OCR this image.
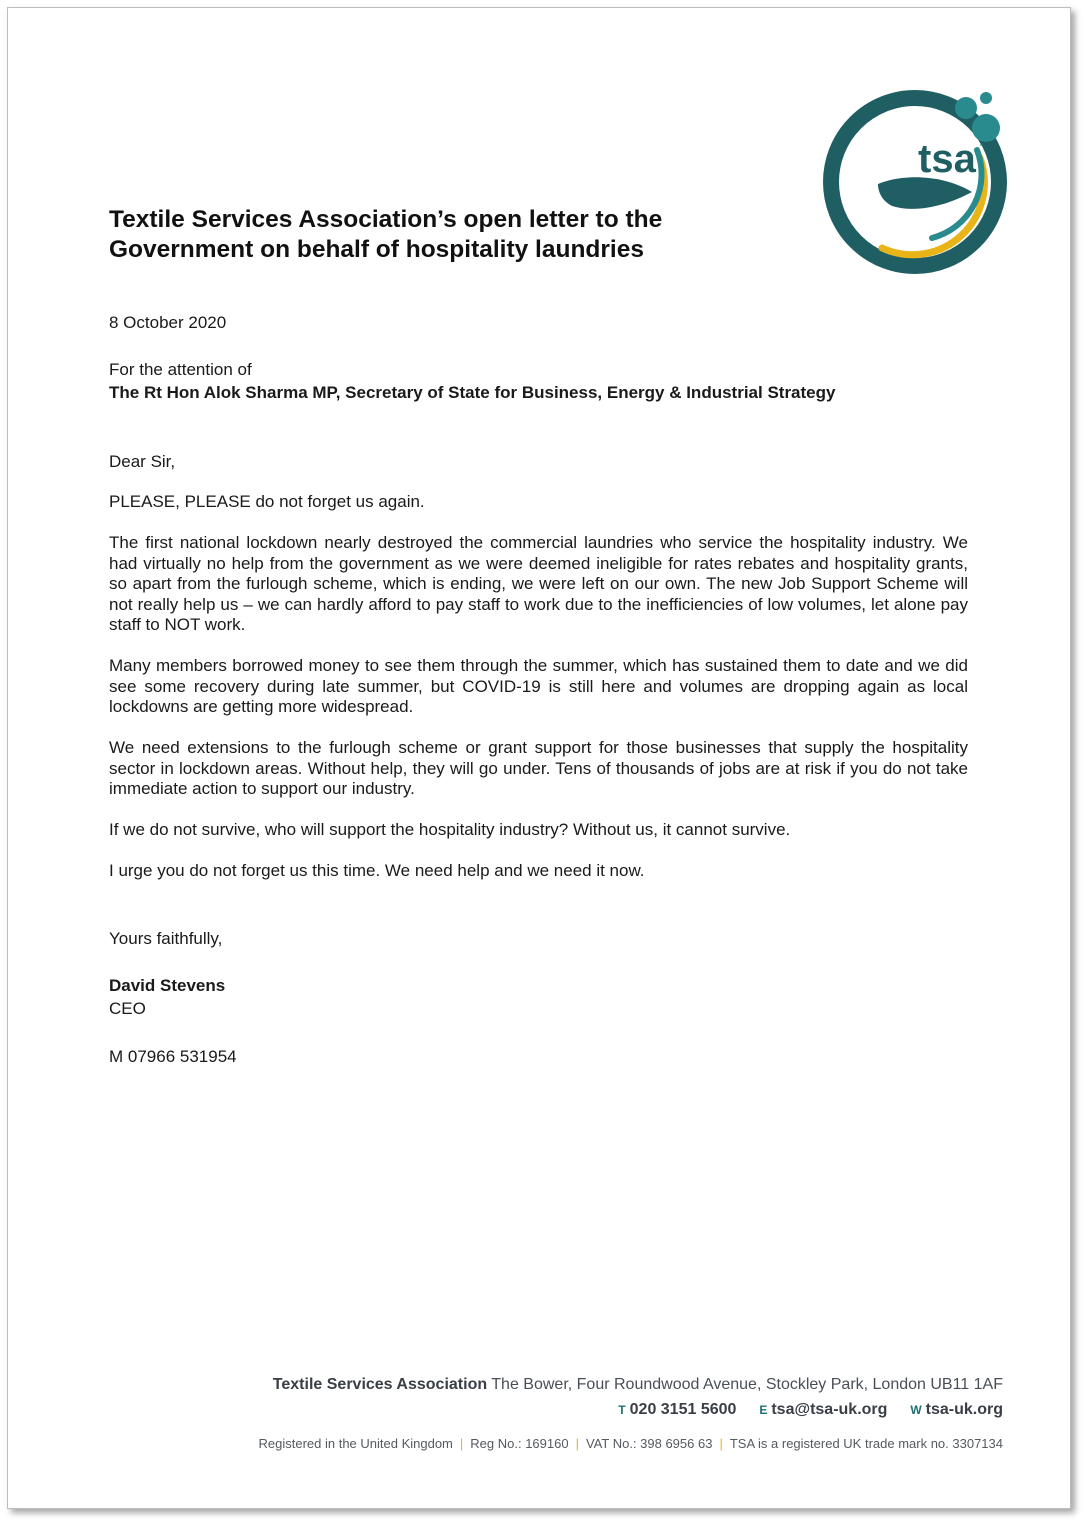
tsa TM
Textile Services Association’s open letter to the
Government on behalf of hospitality laundries

8 October 2020

For the attention of

The Rt Hon Alok Sharma MP, Secretary of State for Business, Energy & Industrial Strategy

Dear Sir,

PLEASE, PLEASE do not forget us again.

The first national lockdown nearly destroyed the commercial laundries who service the hospitality industry. We had virtually no help from the government as we were deemed ineligible for rates rebates and hospitality grants, so apart from the furlough scheme, which is ending, we were left on our own. The new Job Support Scheme will not really help us – we can hardly afford to pay staff to work due to the inefficiencies of low volumes, let alone pay staff to NOT work.

Many members borrowed money to see them through the summer, which has sustained them to date and we did see some recovery during late summer, but COVID-19 is still here and volumes are dropping again as local lockdowns are getting more widespread.

We need extensions to the furlough scheme or grant support for those businesses that supply the hospitality sector in lockdown areas. Without help, they will go under. Tens of thousands of jobs are at risk if you do not take immediate action to support our industry.

If we do not survive, who will support the hospitality industry? Without us, it cannot survive.

I urge you do not forget us this time. We need help and we need it now.

Yours faithfully,

David Stevens

CEO

M 07966 531954

Textile Services Association The Bower, Four Roundwood Avenue, Stockley Park, London UB11 1AF
T 020 3151 5600 E tsa@tsa-uk.org W tsa-uk.org
Registered in the United Kingdom | Reg No.: 169160 | VAT No.: 398 6956 63 | TSA is a registered UK trade mark no. 3307134
